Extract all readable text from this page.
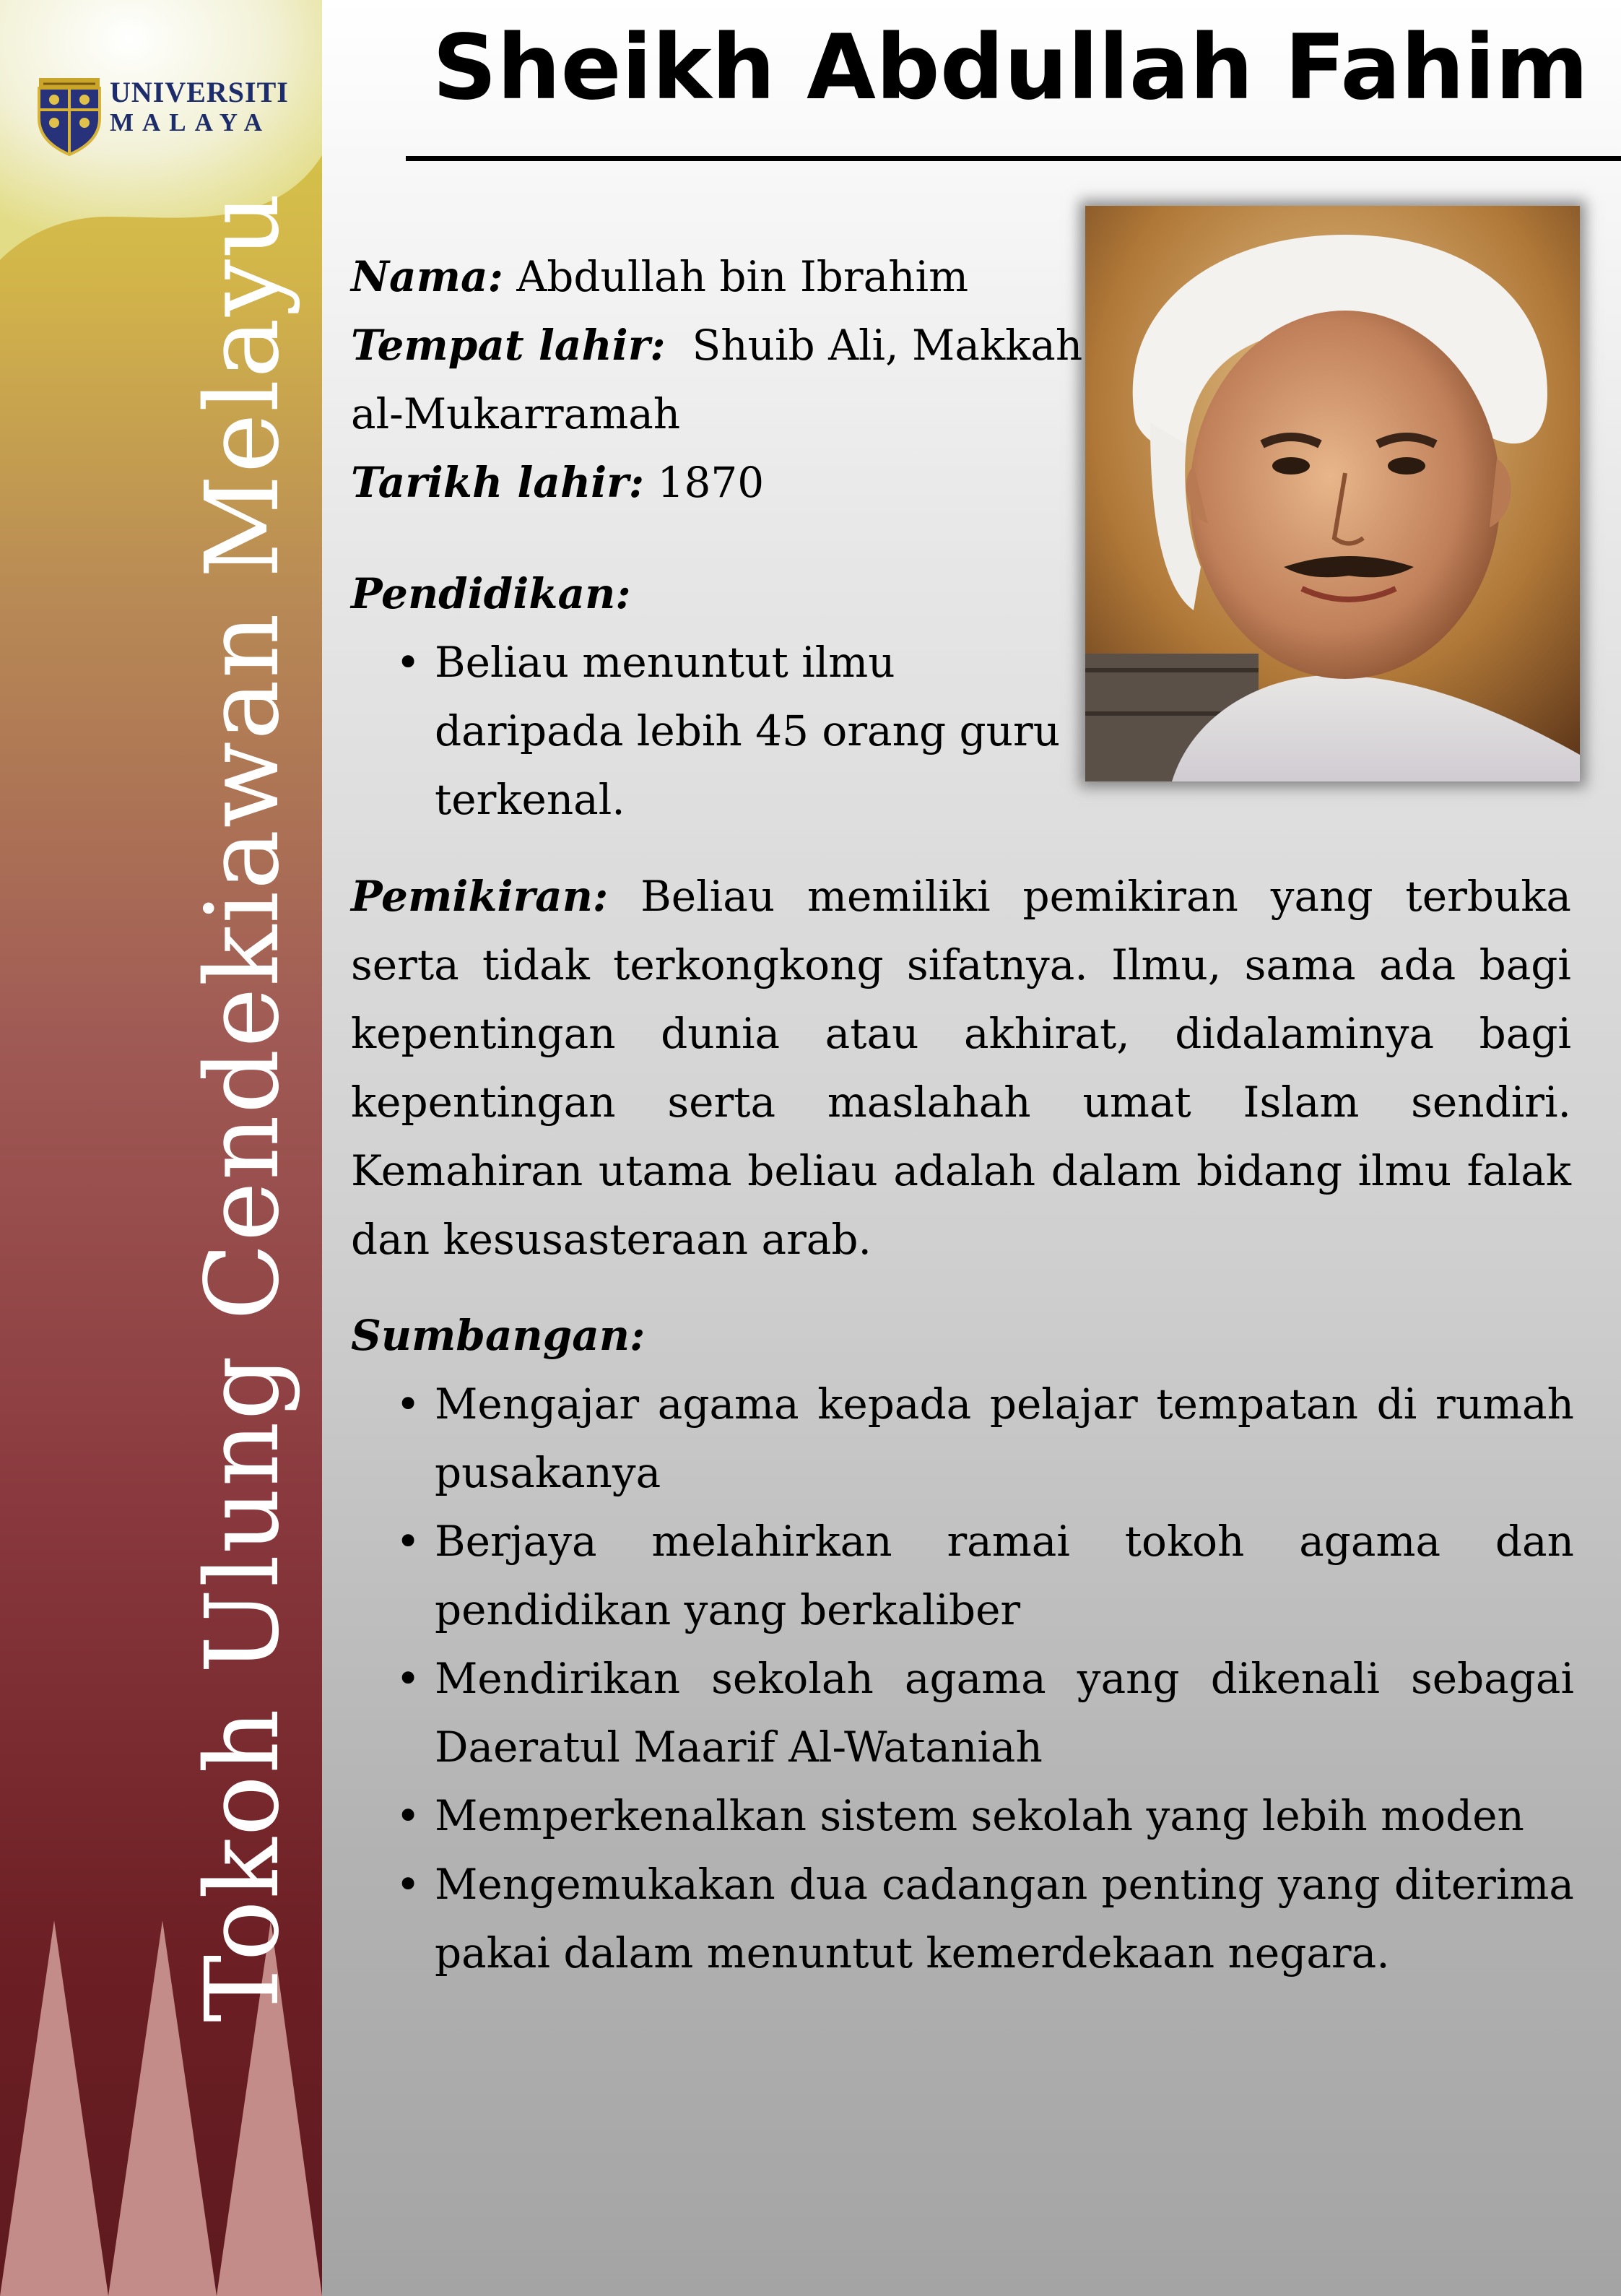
UNIVERSITI
MALAYA
Tokoh Ulung Cendekiawan Melayu
Sheikh Abdullah Fahim
Nama: Abdullah bin Ibrahim
Tempat lahir:  Shuib Ali, Makkah
al-Mukarramah
Tarikh lahir: 1870
Pendidikan:
• Beliau menuntut ilmu daripada lebih 45 orang guru terkenal.

Pemikiran: Beliau memiliki pemikiran yang terbuka serta tidak terkongkong sifatnya. Ilmu, sama ada bagi kepentingan dunia atau akhirat, didalaminya bagi kepentingan serta maslahah umat Islam sendiri. Kemahiran utama beliau adalah dalam bidang ilmu falak dan kesusasteraan arab.

Sumbangan:
• Mengajar agama kepada pelajar tempatan di rumah pusakanya
• Berjaya melahirkan ramai tokoh agama dan pendidikan yang berkaliber
• Mendirikan sekolah agama yang dikenali sebagai Daeratul Maarif Al-Wataniah
• Memperkenalkan sistem sekolah yang lebih moden
• Mengemukakan dua cadangan penting yang diterima pakai dalam menuntut kemerdekaan negara.
